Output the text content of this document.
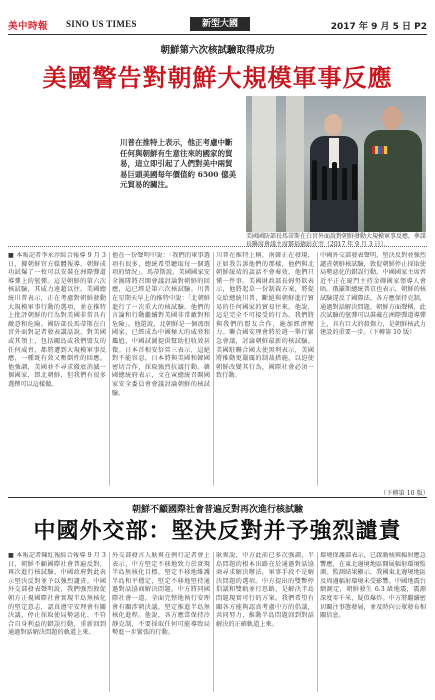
美中時報 SINO US TIMES	新型大國	2017 年 9 月 5 日 P2
朝鮮第六次核試驗取得成功
美國警告對朝鮮大規模軍事反應
美國國防部長馬蒂斯在白宮外面說對朝鮮發動大規模軍事反應，參謀長聯席會議主席鄧福德站在旁（2017 年 9 月 3 日）。
川普在推特上表示，他正考慮中斷任何與朝鮮有生意往來的國家的貿易，這立即引起了人們對美中兩貿易巨頭美國每年價值約 6500 億美元貿易的關注。
■ 本報記者李永淳綜合報導 9 月 3 日，據朝鮮官方媒體報導，朝鮮成功試爆了一枚可以安裝在洲際彈道導彈上的氫彈。這是朝鮮的第六次核試驗，其威力遠超以往。美國總統川普表示，正在考慮對朝鮮發動大規模軍事行動的選項，並在推特上批評朝鮮的行為對美國非常具有敵意和危險。國防部長馬蒂斯在白宮外面對記者發表講話說，對美國或其領土，包括關島或我們盟友的任何威脅，都將遭到大規模軍事反應，一種既有效又壓倒性的回應。他強調，美國並不尋求徹底消滅一個國家，即北朝鮮，但我們有很多選擇可以這樣做。
他在一份聲明中說：「我們的軍事選項有很多，總統希望聽取每一個選項的情況」。馬蒂斯說，美國國家安全團隊將召開會議討論對朝鮮的回應，這已經是第六次核試驗。川普在星期天早上的推特中說：「北朝鮮進行了一次重大的核試驗。他們的言論和行動繼續對美國非常敵對和危險」。他還說，北朝鮮是一個流氓國家，已經成為中國極大的威脅和尷尬，中國試圖提供幫助但收效甚微。日本首相安倍晉三表示，這絕對不能容忍，日本將與美國和韓國密切合作，採取強烈抗議行動。韓國總統府表示，文在寅總統召開國家安全委員會會議討論朝鮮的核試驗。
川普在推特上稱，南韓正在發現，正如我告訴他們的那樣，他們與北朝鮮綏靖的談話不會奏效，他們只懂一件事。美國財政部長姆努欽表示，他將起草一份制裁方案，將提交給總統川普，斷絕與朝鮮進行貿易的任何國家的貿易往來。他說，這是完全不可接受的行為，我們將與我們的盟友合作，施加經濟壓力。聯合國安理會將於週一舉行緊急會議，討論朝鮮最新的核試驗。美國駐聯合國大使黑利表示，美國將推動更嚴厲的制裁措施，以迫使朝鮮改變其行為，國際社會必須一致行動。
中國外交部發表聲明，堅決反對並強烈譴責朝鮮核試驗，敦促朝鮮停止採取使局勢惡化的錯誤行動。中國國家主席習近平正在廈門主持金磚國家領導人會晤。俄羅斯總統普京也表示，朝鮮的核試驗違反了國際法，各方應保持克制，通過對話解決問題。朝鮮方面聲稱，此次試驗的氫彈可以裝載在洲際彈道導彈上，具有巨大的殺傷力，是朝鮮核武力建設的重要一步。（下轉第 10 版）
（下轉第 10 版）
朝鮮不顧國際社會普遍反對再次進行核試驗
中國外交部：堅決反對并予強烈譴責
■ 本報記者陳紅報綜合報導 9 月 3 日，朝鮮不顧國際社會普遍反對，再次進行核試驗。中國政府對此表示堅決反對並予以強烈譴責。中國外交部發表聲明說，我們強烈敦促朝方正視國際社會實現半島無核化的堅定意志，認真遵守安理會有關決議，停止採取使局勢惡化、不符合自身利益的錯誤行動，重新回到通過對話解決問題的軌道上來。
外交部發言人耿爽在例行記者會上表示，中方堅定不移地致力於實現半島無核化目標，堅定不移地維護半島和平穩定，堅定不移地堅持通過對話協商解決問題。中方將同國際社會一道，全面完整地執行安理會有關涉朝決議，堅定推進半島無核化進程。他說，各方應當保持冷靜克制，不要採取任何可能導致局勢進一步緊張的行動。
耿爽說，中方此前已多次強調，半島問題的根本出路在於通過對話協商尋求解決辦法，軍事手段不是解決問題的選項。中方提出的雙暫停倡議和雙軌並行思路，是解決半島問題現實可行的方案。我們希望有關各方能夠認真考慮中方的倡議，共同努力，推動半島問題回到對話解決的正確軌道上來。
環境保護部表示，已啟動核與輻射應急響應，在東北邊境地區開展輻射環境監測。監測結果顯示，我國東北邊境地區及周邊輻射環境未受影響。中國地震台網測定，朝鮮發生 6.3 級地震，震源深度零千米，疑似爆炸。中方將繼續密切關注事態發展，並及時向公眾發布相關信息。
